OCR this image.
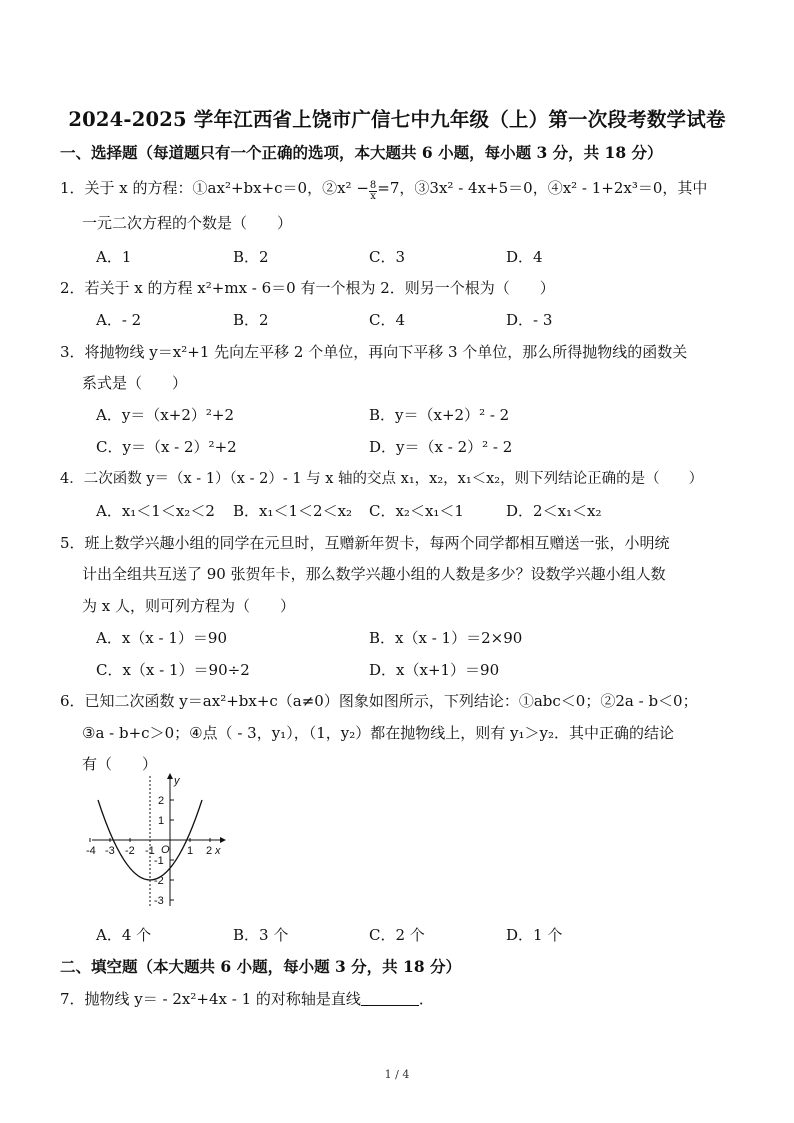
2024-2025 学年江西省上饶市广信七中九年级（上）第一次段考数学试卷
一、选择题（每道题只有一个正确的选项，本大题共 6 小题，每小题 3 分，共 18 分）
1．关于 x 的方程：①ax²+bx+c＝0，②x² − $\frac{8}{x} =7$，③3x² - 4x+5＝0，④x² - 1+2x³＝0，其中
一元二次方程的个数是（　　）
A．1	B．2	C．3	D．4
2．若关于 x 的方程 x²+mx - 6＝0 有一个根为 2．则另一个根为（　　）
A．- 2	B．2	C．4	D．- 3
3．将抛物线 y＝x²+1 先向左平移 2 个单位，再向下平移 3 个单位，那么所得抛物线的函数关
系式是（　　）
A．y＝（x+2）²+2	B．y＝（x+2）² - 2
C．y＝（x - 2）²+2	D．y＝（x - 2）² - 2
4．二次函数 y＝（x - 1）（x - 2）- 1 与 x 轴的交点 x₁，x₂，x₁＜x₂，则下列结论正确的是（　　）
A．x₁＜1＜x₂＜2 B．x₁＜1＜2＜x₂ C．x₂＜x₁＜1	D．2＜x₁＜x₂
5．班上数学兴趣小组的同学在元旦时，互赠新年贺卡，每两个同学都相互赠送一张，小明统
计出全组共互送了 90 张贺年卡，那么数学兴趣小组的人数是多少？设数学兴趣小组人数
为 x 人，则可列方程为（　　）
A．x（x - 1）＝90	B．x（x - 1）＝2×90
C．x（x - 1）＝90÷2	D．x（x+1）＝90
6．已知二次函数 y＝ax²+bx+c（a≠0）图象如图所示，下列结论：①abc＜0；②2a - b＜0；
③a - b+c＞0；④点（ - 3，y₁），（1，y₂）都在抛物线上，则有 y₁＞y₂．其中正确的结论
有（　　）
-4 -3 -2 -1 O 1 2 x
y
2
1
-1
-2
-3
A．4 个	B．3 个	C．2 个	D．1 个
二、填空题（本大题共 6 小题，每小题 3 分，共 18 分）
7．抛物线 y＝ - 2x²+4x - 1 的对称轴是直线	．
1 / 4
